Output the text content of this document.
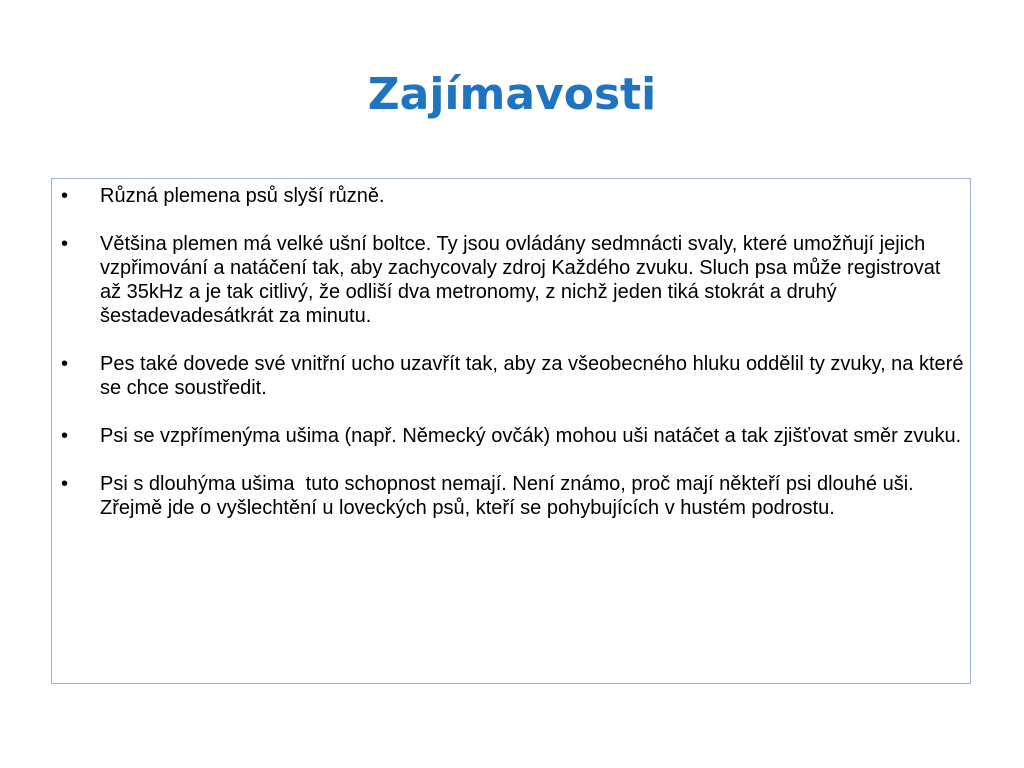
Zajímavosti
• Různá plemena psů slyší různě.
• Většina plemen má velké ušní boltce. Ty jsou ovládány sedmnácti svaly, které umožňují jejich vzpřimování a natáčení tak, aby zachycovaly zdroj Každého zvuku. Sluch psa může registrovat až 35kHz a je tak citlivý, že odliší dva metronomy, z nichž jeden tiká stokrát a druhý šestadevadesátkrát za minutu.
• Pes také dovede své vnitřní ucho uzavřít tak, aby za všeobecného hluku oddělil ty zvuky, na které se chce soustředit.
• Psi se vzpřímenýma ušima (např. Německý ovčák) mohou uši natáčet a tak zjišťovat směr zvuku.
• Psi s dlouhýma ušima  tuto schopnost nemají. Není známo, proč mají někteří psi dlouhé uši. Zřejmě jde o vyšlechtění u loveckých psů, kteří se pohybujících v hustém podrostu.
